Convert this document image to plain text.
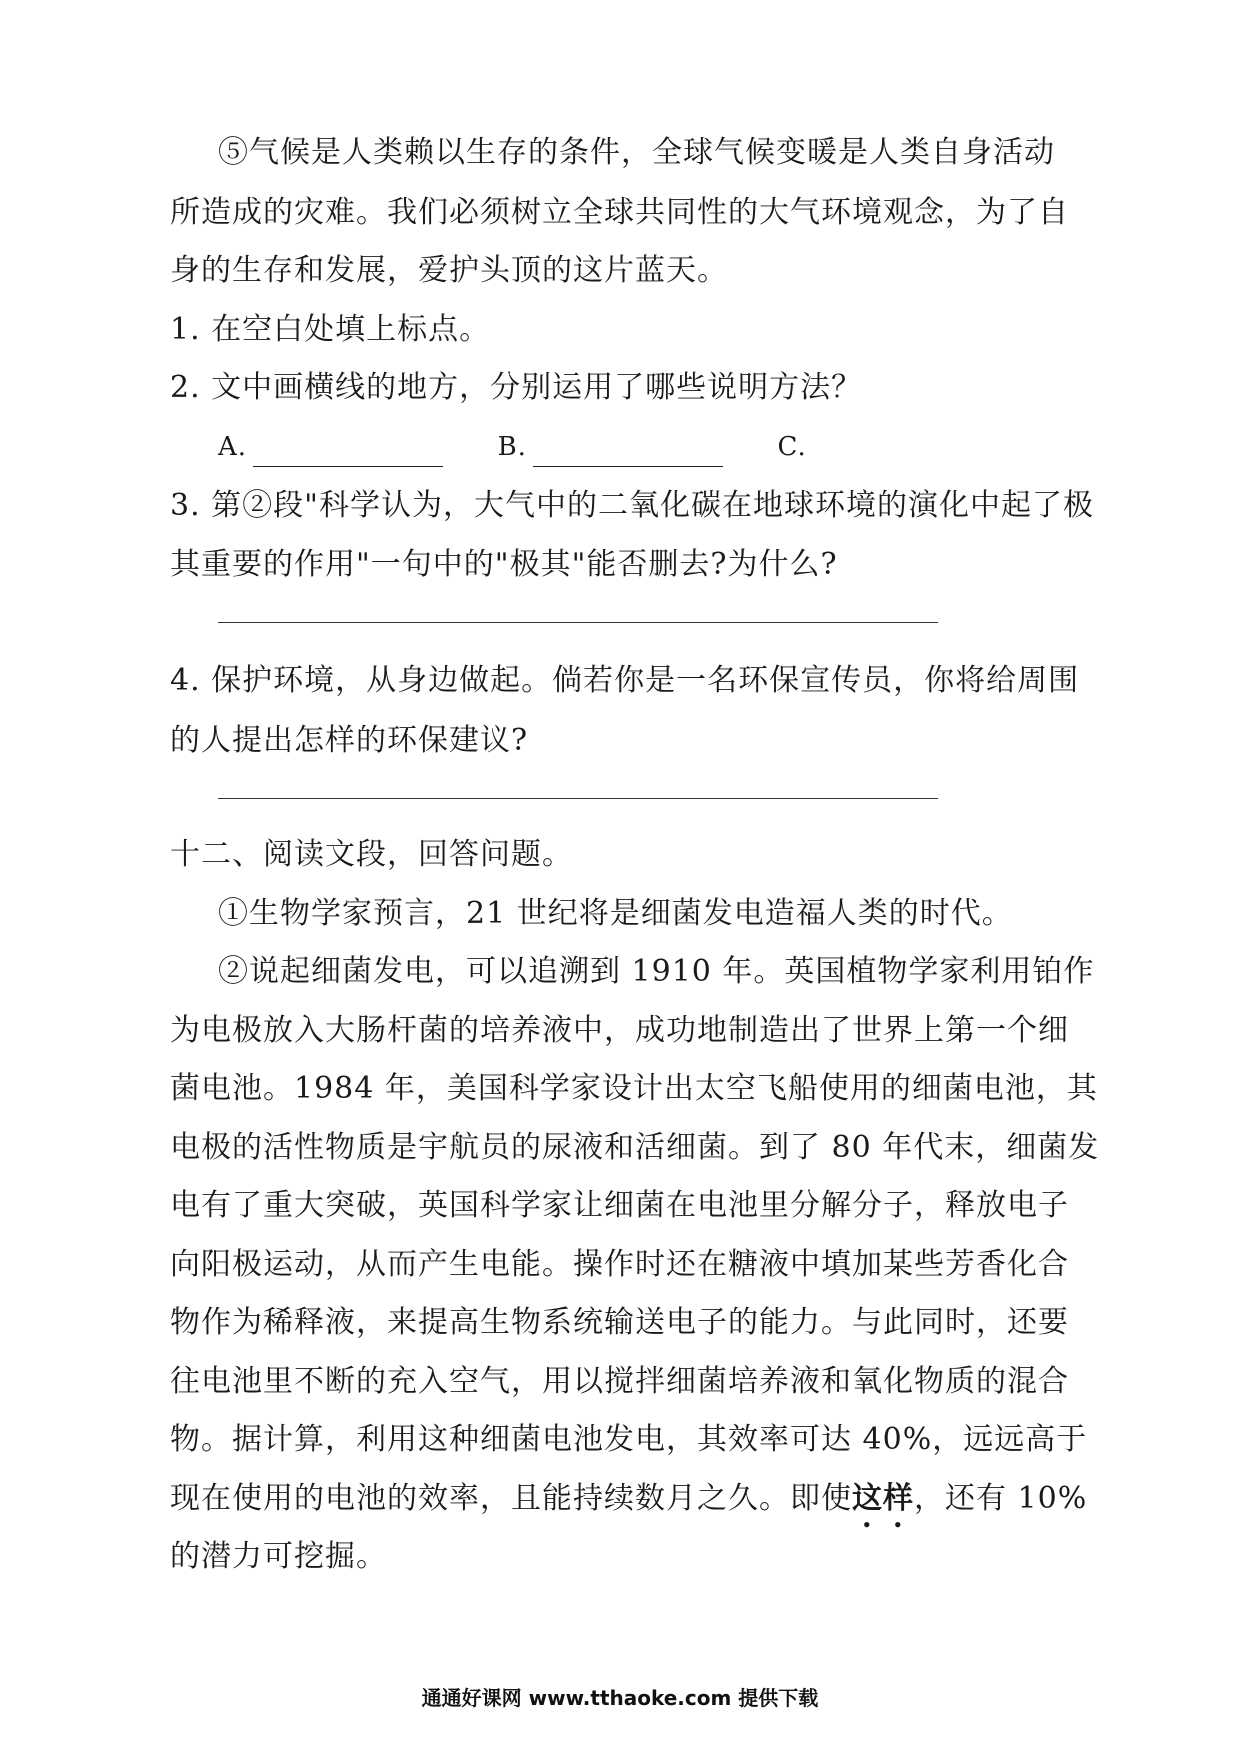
⑤气候是人类赖以生存的条件，全球气候变暖是人类自身活动
所造成的灾难。我们必须树立全球共同性的大气环境观念，为了自
身的生存和发展，爱护头顶的这片蓝天。
1. 在空白处填上标点。
2. 文中画横线的地方，分别运用了哪些说明方法？
A.	B.	C.
3. 第②段"科学认为，大气中的二氧化碳在地球环境的演化中起了极
其重要的作用"一句中的"极其"能否删去?为什么?
4. 保护环境，从身边做起。倘若你是一名环保宣传员，你将给周围
的人提出怎样的环保建议?
十二、阅读文段，回答问题。
①生物学家预言，21 世纪将是细菌发电造福人类的时代。
②说起细菌发电，可以追溯到 1910 年。英国植物学家利用铂作
为电极放入大肠杆菌的培养液中，成功地制造出了世界上第一个细
菌电池。1984 年，美国科学家设计出太空飞船使用的细菌电池，其
电极的活性物质是宇航员的尿液和活细菌。到了 80 年代末，细菌发
电有了重大突破，英国科学家让细菌在电池里分解分子，释放电子
向阳极运动，从而产生电能。操作时还在糖液中填加某些芳香化合
物作为稀释液，来提高生物系统输送电子的能力。与此同时，还要
往电池里不断的充入空气，用以搅拌细菌培养液和氧化物质的混合
物。据计算，利用这种细菌电池发电，其效率可达 40%，远远高于
现在使用的电池的效率，且能持续数月之久。即使这样，还有 10%
的潜力可挖掘。
通通好课网 www.tthaoke.com 提供下载
